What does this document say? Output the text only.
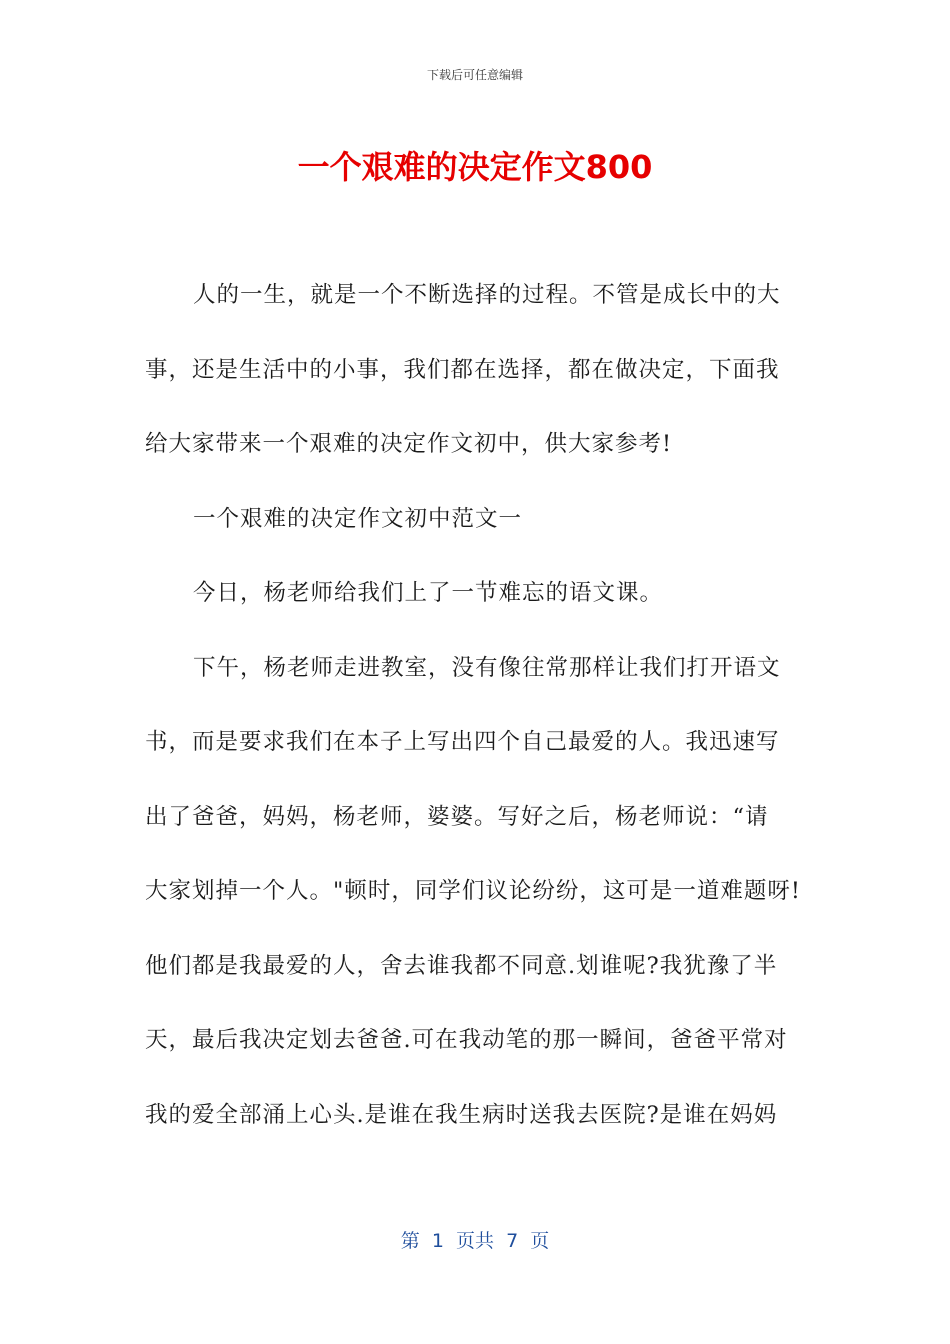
下载后可任意编辑
一个艰难的决定作文800
人的一生，就是一个不断选择的过程。不管是成长中的大
事，还是生活中的小事，我们都在选择，都在做决定，下面我
给大家带来一个艰难的决定作文初中，供大家参考!
一个艰难的决定作文初中范文一
今日，杨老师给我们上了一节难忘的语文课。
下午，杨老师走进教室，没有像往常那样让我们打开语文
书，而是要求我们在本子上写出四个自己最爱的人。我迅速写
出了爸爸，妈妈，杨老师，婆婆。写好之后，杨老师说：“请
大家划掉一个人。"顿时，同学们议论纷纷，这可是一道难题呀!
他们都是我最爱的人，舍去谁我都不同意.划谁呢?我犹豫了半
天，最后我决定划去爸爸.可在我动笔的那一瞬间，爸爸平常对
我的爱全部涌上心头.是谁在我生病时送我去医院?是谁在妈妈
第  1  页共  7  页
